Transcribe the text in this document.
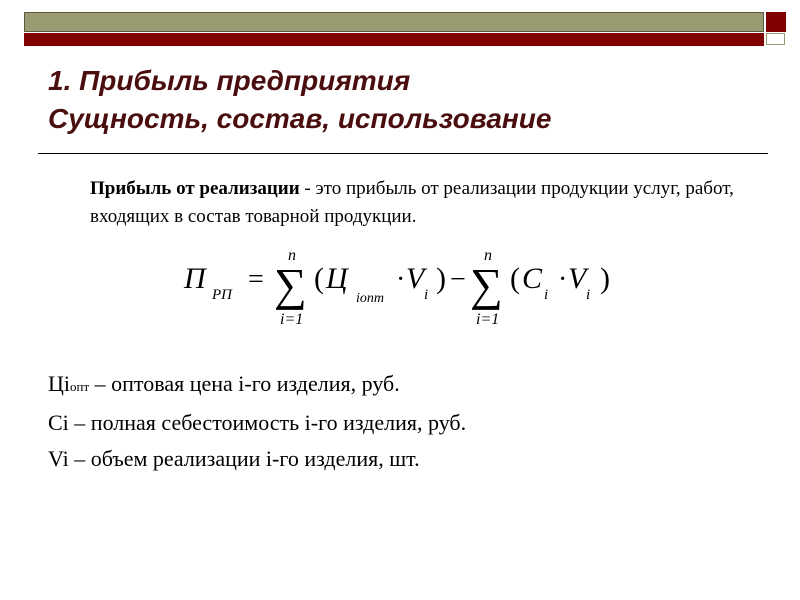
1. Прибыль предприятия
Сущность, состав, использование

Прибыль от реализации - это прибыль от реализации продукции услуг, работ, входящих в состав товарной продукции.

П РП =
n
∑
i=1
( Ц
iопт
· V i ) −
n
∑
i=1
( C i · V i )
Ціопт – оптовая цена i-го изделия, руб.
Сi – полная себестоимость i-го изделия, руб.
Vi – объем реализации i-го изделия, шт.
